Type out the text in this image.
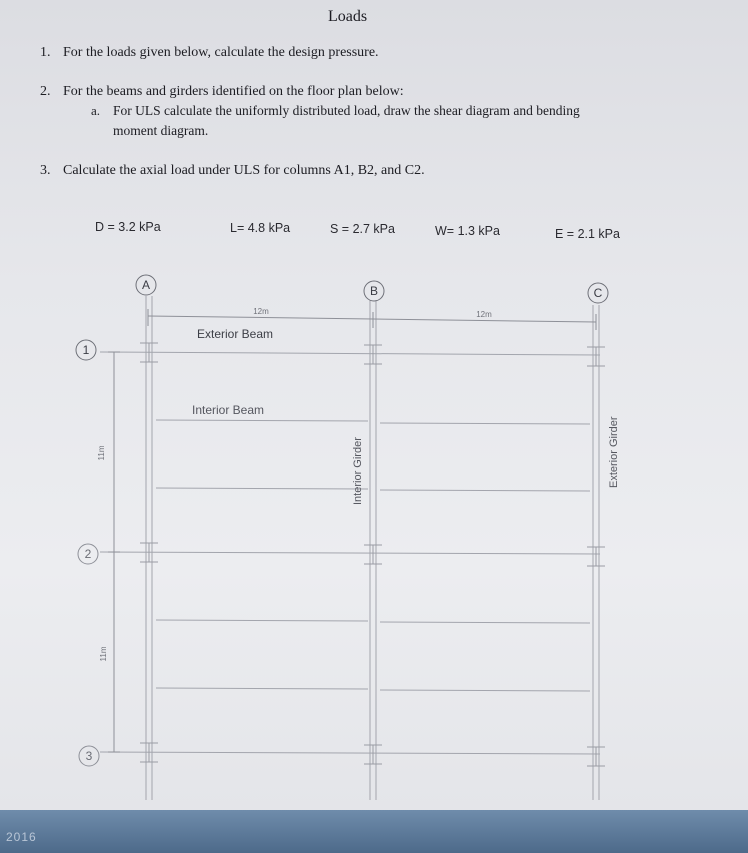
Loads
1. For the loads given below, calculate the design pressure.
2. For the beams and girders identified on the floor plan below:
a. For ULS calculate the uniformly distributed load, draw the shear diagram and bending
moment diagram.
3. Calculate the axial load under ULS for columns A1, B2, and C2.
D = 3.2 kPa	L= 4.8 kPa	S = 2.7 kPa	W= 1.3 kPa	E = 2.1 kPa
A	B	C
1
2
3
12m	12m
11m
11m
Exterior Beam
Interior Beam
Interior Girder	Exterior Girder
2016
